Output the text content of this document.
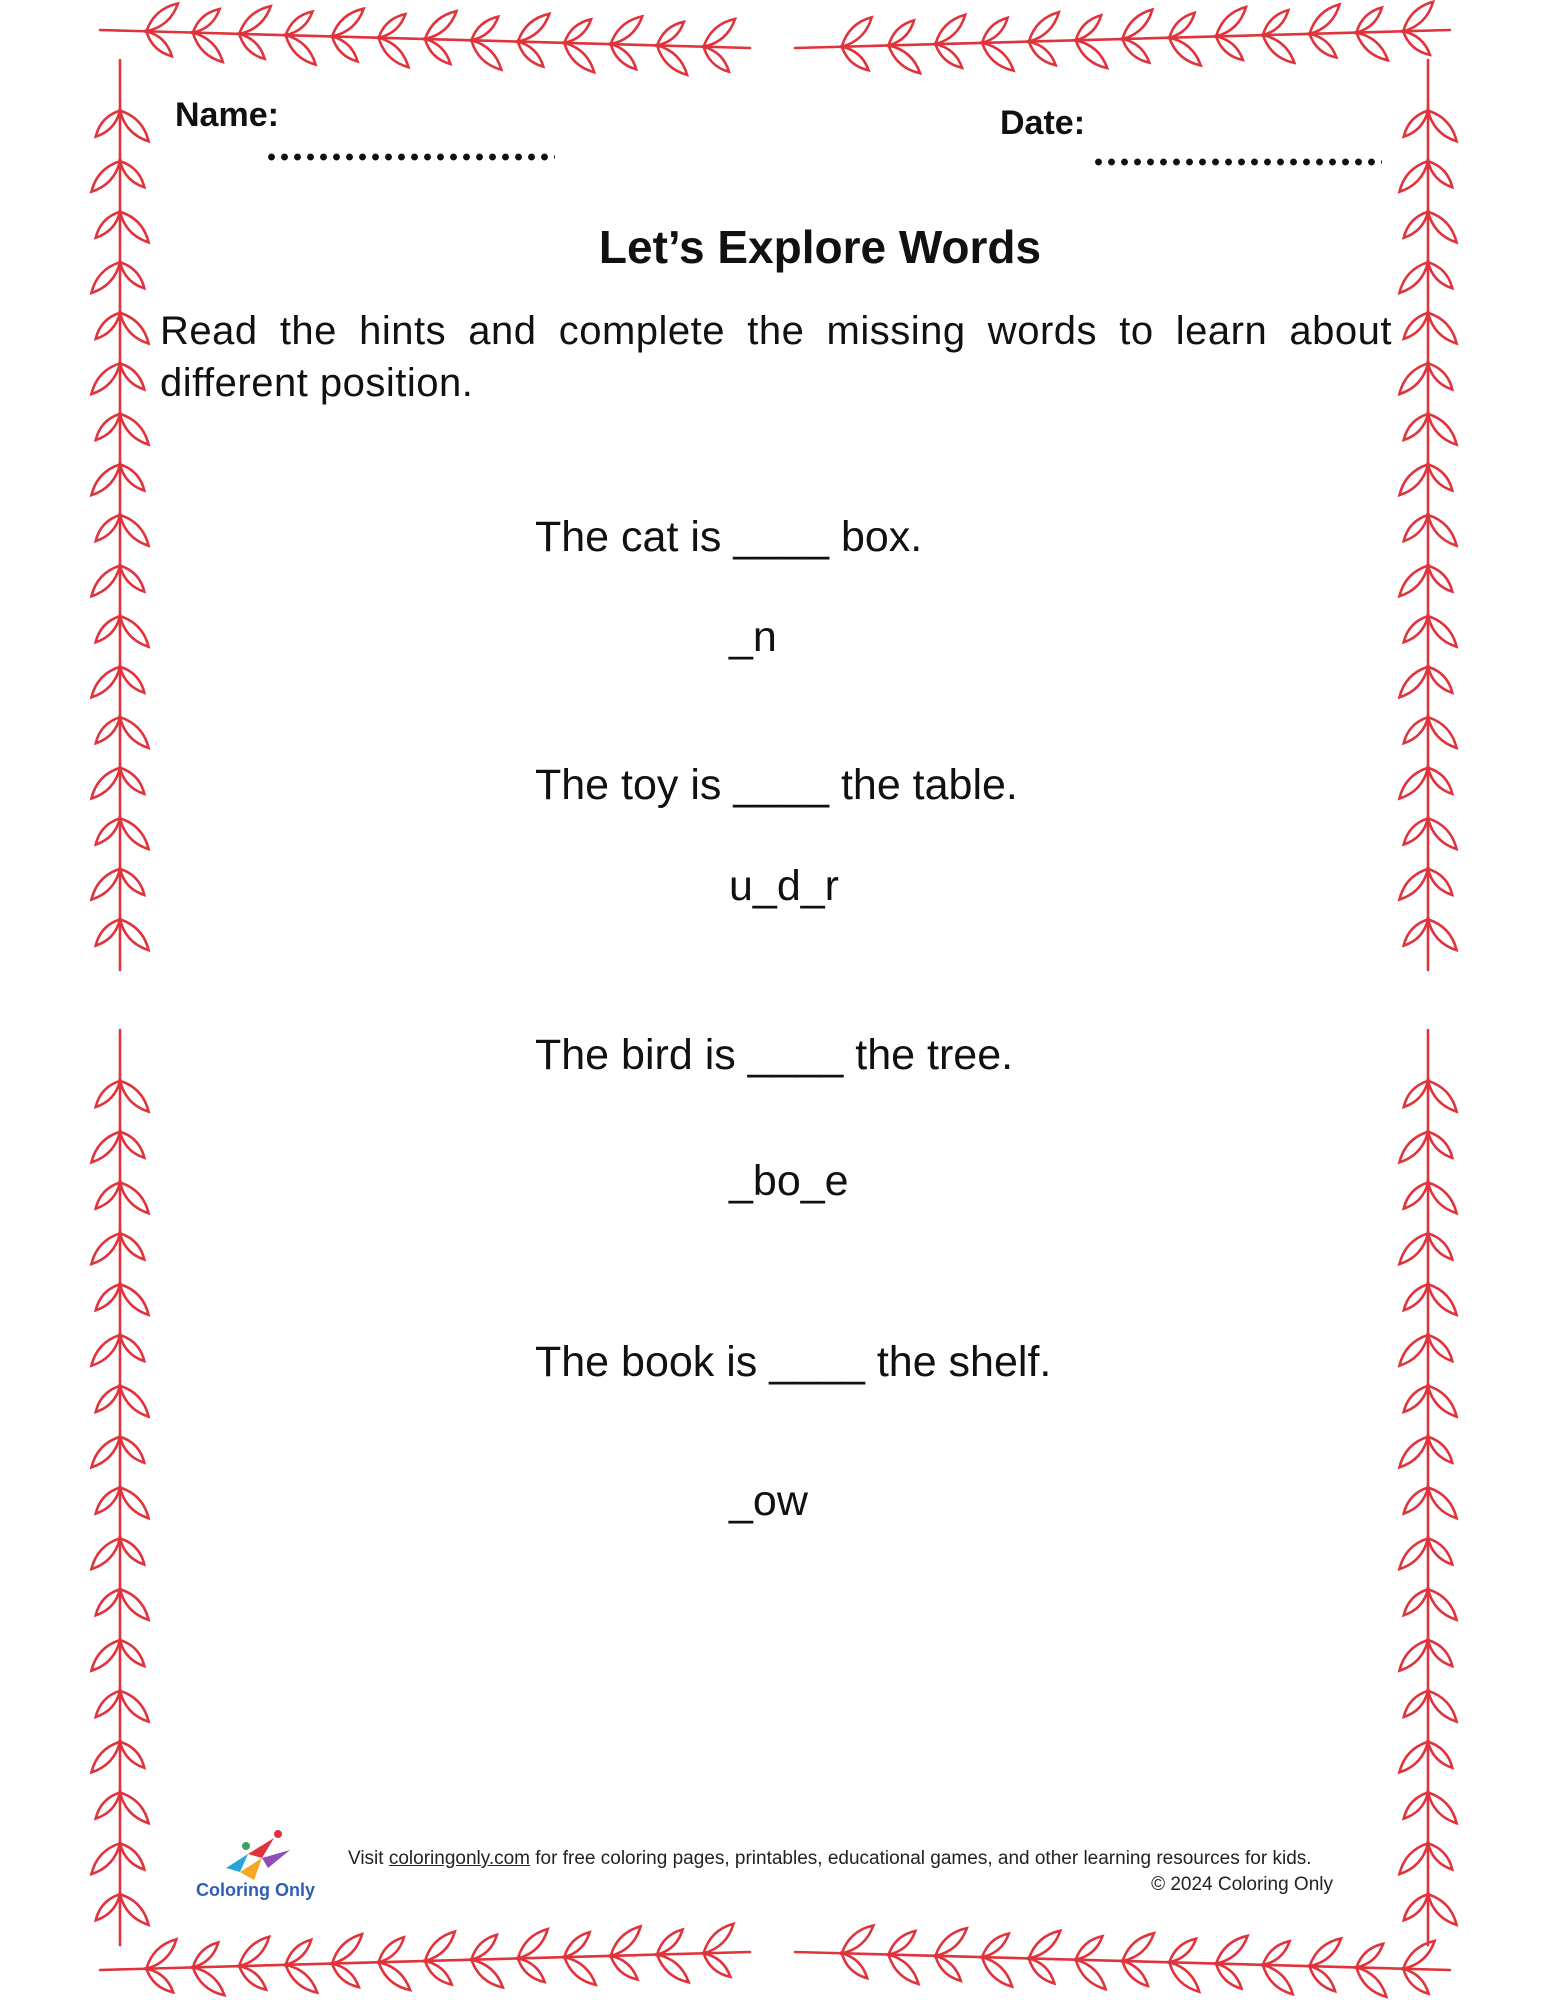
Name:	Date:
Let’s Explore Words
Read the hints and complete the missing words to learn about different position.
The cat is ____ box.
_n
The toy is ____ the table.
u_d_r
The bird is ____ the tree.
_bo_e
The book is ____ the shelf.
_ow
Coloring Only
Visit coloringonly.com for free coloring pages, printables, educational games, and other learning resources for kids.
© 2024 Coloring Only
